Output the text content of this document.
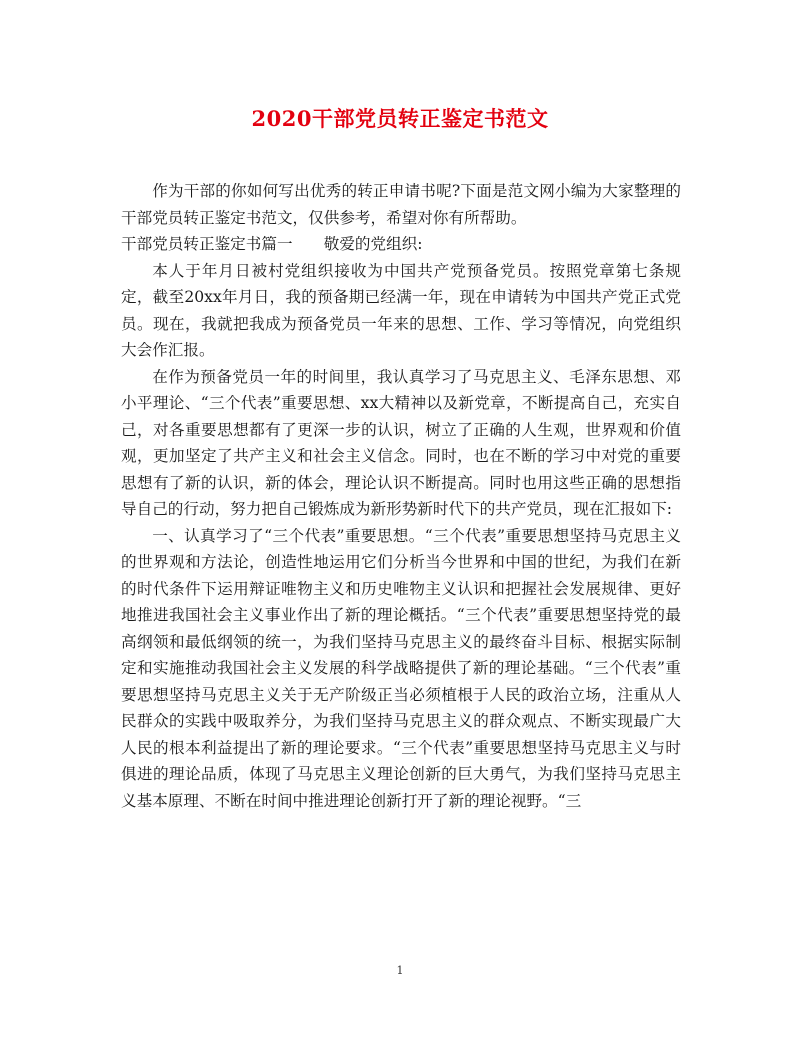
2020干部党员转正鉴定书范文

作为干部的你如何写出优秀的转正申请书呢?下面是范文网小编为大家整理的干部党员转正鉴定书范文，仅供参考，希望对你有所帮助。

干部党员转正鉴定书篇一　　敬爱的党组织:

本人于年月日被村党组织接收为中国共产党预备党员。按照党章第七条规定，截至20xx年月日，我的预备期已经满一年，现在申请转为中国共产党正式党员。现在，我就把我成为预备党员一年来的思想、工作、学习等情况，向党组织大会作汇报。

在作为预备党员一年的时间里，我认真学习了马克思主义、毛泽东思想、邓小平理论、“三个代表”重要思想、xx大精神以及新党章，不断提高自己，充实自己，对各重要思想都有了更深一步的认识，树立了正确的人生观，世界观和价值观，更加坚定了共产主义和社会主义信念。同时，也在不断的学习中对党的重要思想有了新的认识，新的体会，理论认识不断提高。同时也用这些正确的思想指导自己的行动，努力把自己锻炼成为新形势新时代下的共产党员，现在汇报如下:

一、认真学习了“三个代表”重要思想。“三个代表”重要思想坚持马克思主义的世界观和方法论，创造性地运用它们分析当今世界和中国的世纪，为我们在新的时代条件下运用辩证唯物主义和历史唯物主义认识和把握社会发展规律、更好地推进我国社会主义事业作出了新的理论概括。“三个代表”重要思想坚持党的最高纲领和最低纲领的统一，为我们坚持马克思主义的最终奋斗目标、根据实际制定和实施推动我国社会主义发展的科学战略提供了新的理论基础。“三个代表”重要思想坚持马克思主义关于无产阶级正当必须植根于人民的政治立场，注重从人民群众的实践中吸取养分，为我们坚持马克思主义的群众观点、不断实现最广大人民的根本利益提出了新的理论要求。“三个代表”重要思想坚持马克思主义与时俱进的理论品质，体现了马克思主义理论创新的巨大勇气，为我们坚持马克思主义基本原理、不断在时间中推进理论创新打开了新的理论视野。“三

1
